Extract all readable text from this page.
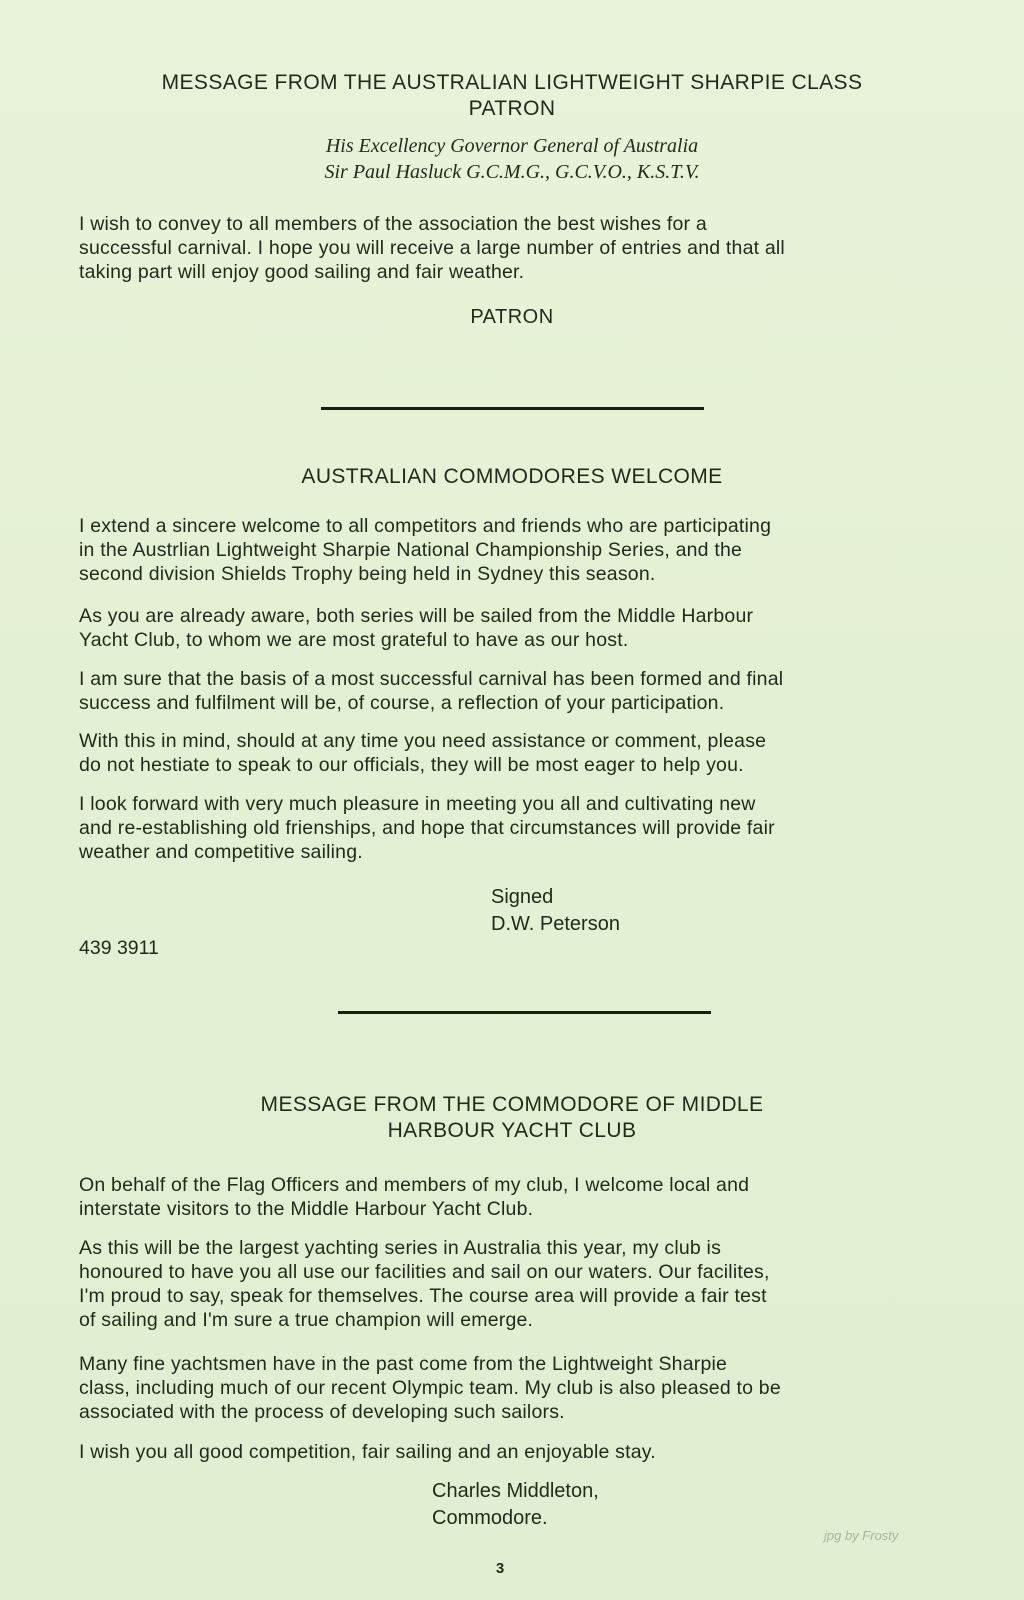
MESSAGE FROM THE AUSTRALIAN LIGHTWEIGHT SHARPIE CLASS
PATRON
His Excellency Governor General of Australia
Sir Paul Hasluck G.C.M.G., G.C.V.O., K.S.T.V.
I wish to convey to all members of the association the best wishes for a
successful carnival. I hope you will receive a large number of entries and that all
taking part will enjoy good sailing and fair weather.
PATRON
AUSTRALIAN COMMODORES WELCOME
I extend a sincere welcome to all competitors and friends who are participating
in the Austrlian Lightweight Sharpie National Championship Series, and the
second division Shields Trophy being held in Sydney this season.
As you are already aware, both series will be sailed from the Middle Harbour
Yacht Club, to whom we are most grateful to have as our host.
I am sure that the basis of a most successful carnival has been formed and final
success and fulfilment will be, of course, a reflection of your participation.
With this in mind, should at any time you need assistance or comment, please
do not hestiate to speak to our officials, they will be most eager to help you.
I look forward with very much pleasure in meeting you all and cultivating new
and re-establishing old frienships, and hope that circumstances will provide fair
weather and competitive sailing.
Signed
D.W. Peterson
439 3911
MESSAGE FROM THE COMMODORE OF MIDDLE
HARBOUR YACHT CLUB
On behalf of the Flag Officers and members of my club, I welcome local and
interstate visitors to the Middle Harbour Yacht Club.
As this will be the largest yachting series in Australia this year, my club is
honoured to have you all use our facilities and sail on our waters. Our facilites,
I'm proud to say, speak for themselves. The course area will provide a fair test
of sailing and I'm sure a true champion will emerge.
Many fine yachtsmen have in the past come from the Lightweight Sharpie
class, including much of our recent Olympic team. My club is also pleased to be
associated with the process of developing such sailors.
I wish you all good competition, fair sailing and an enjoyable stay.
Charles Middleton,
Commodore.
jpg by Frosty
3
